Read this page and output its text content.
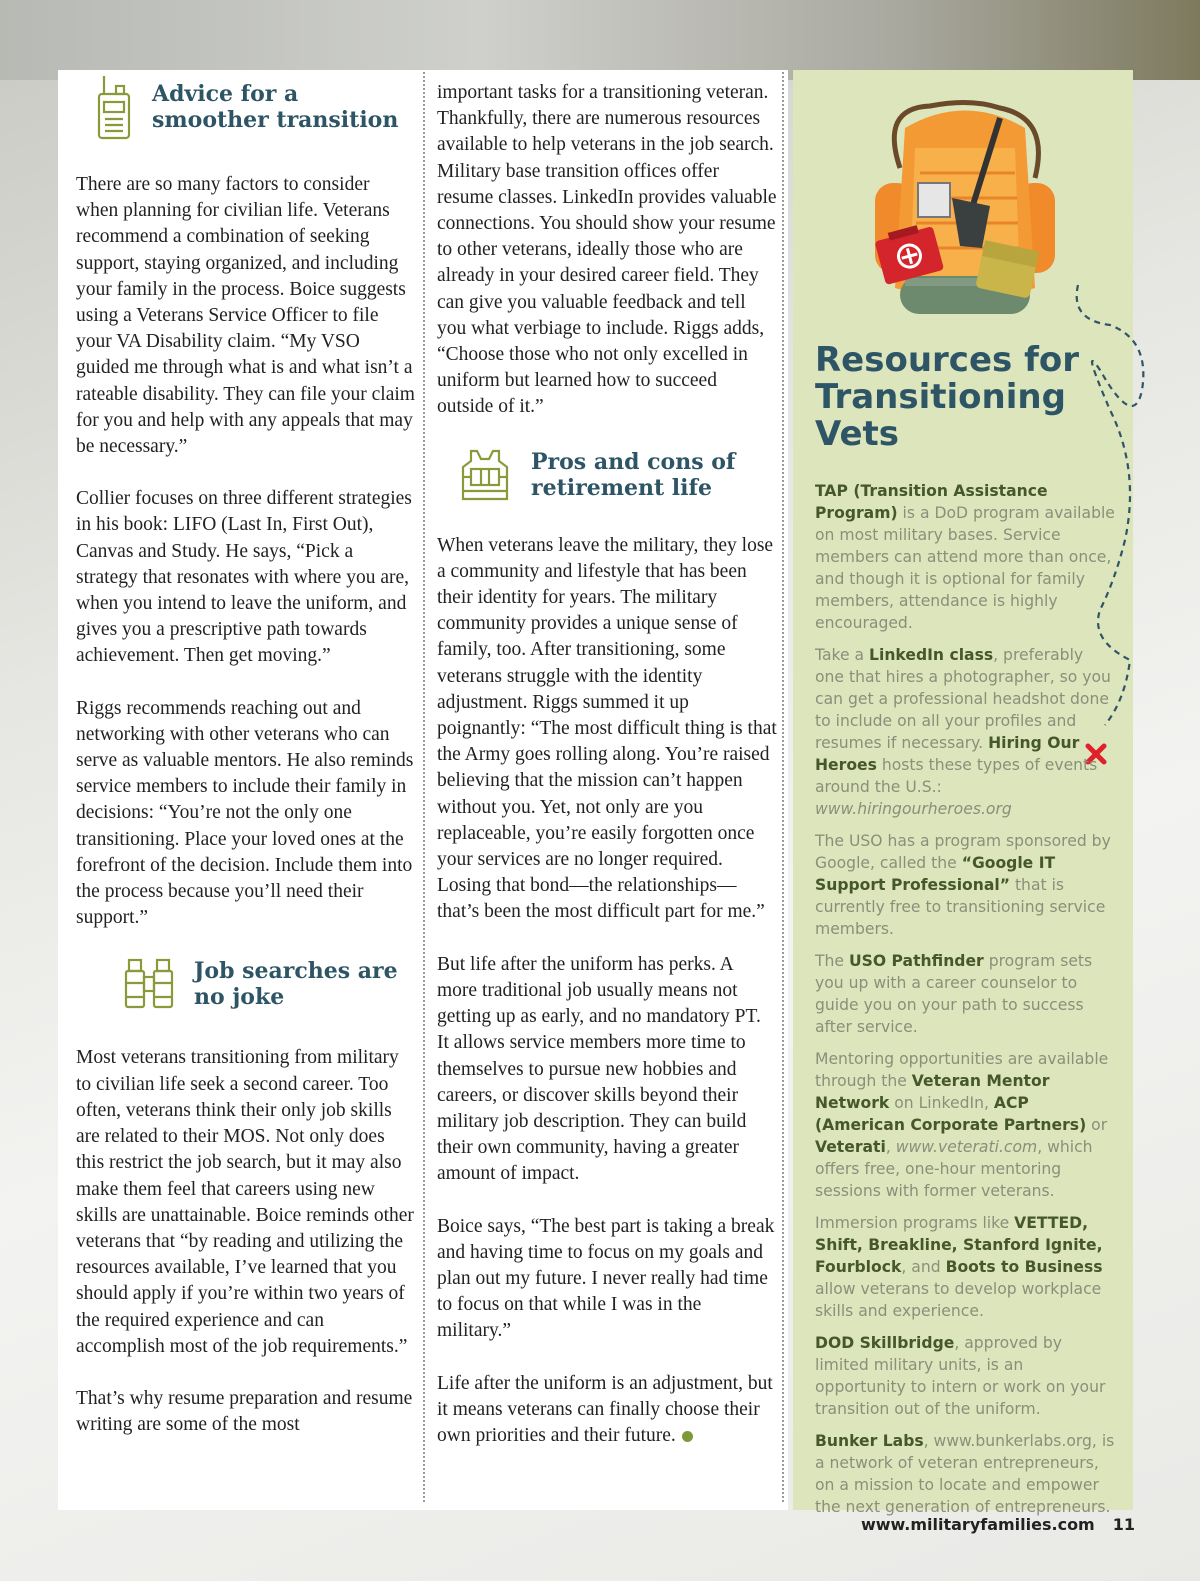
Advice for a smoother transition

There are so many factors to consider when planning for civilian life. Veterans recommend a combination of seeking support, staying organized, and including your family in the process. Boice suggests using a Veterans Service Officer to file your VA Disability claim. “My VSO guided me through what is and what isn’t a rateable disability. They can file your claim for you and help with any appeals that may be necessary.”

Collier focuses on three different strategies in his book: LIFO (Last In, First Out), Canvas and Study. He says, “Pick a strategy that resonates with where you are, when you intend to leave the uniform, and gives you a prescriptive path towards achievement. Then get moving.”

Riggs recommends reaching out and networking with other veterans who can serve as valuable mentors. He also reminds service members to include their family in decisions: “You’re not the only one transitioning. Place your loved ones at the forefront of the decision. Include them into the process because you’ll need their support.”

Job searches are no joke

Most veterans transitioning from military to civilian life seek a second career. Too often, veterans think their only job skills are related to their MOS. Not only does this restrict the job search, but it may also make them feel that careers using new skills are unattainable. Boice reminds other veterans that “by reading and utilizing the resources available, I’ve learned that you should apply if you’re within two years of the required experience and can accomplish most of the job requirements.”

That’s why resume preparation and resume writing are some of the most

important tasks for a transitioning veteran. Thankfully, there are numerous resources available to help veterans in the job search. Military base transition offices offer resume classes. LinkedIn provides valuable connections. You should show your resume to other veterans, ideally those who are already in your desired career field. They can give you valuable feedback and tell you what verbiage to include. Riggs adds, “Choose those who not only excelled in uniform but learned how to succeed outside of it.”

Pros and cons of retirement life

When veterans leave the military, they lose a community and lifestyle that has been their identity for years. The military community provides a unique sense of family, too. After transitioning, some veterans struggle with the identity adjustment. Riggs summed it up poignantly: “The most difficult thing is that the Army goes rolling along. You’re raised believing that the mission can’t happen without you. Yet, not only are you replaceable, you’re easily forgotten once your services are no longer required. Losing that bond—the relationships—that’s been the most difficult part for me.”

But life after the uniform has perks. A more traditional job usually means not getting up as early, and no mandatory PT. It allows service members more time to themselves to pursue new hobbies and careers, or discover skills beyond their military job description. They can build their own community, having a greater amount of impact.

Boice says, “The best part is taking a break and having time to focus on my goals and plan out my future. I never really had time to focus on that while I was in the military.”

Life after the uniform is an adjustment, but it means veterans can finally choose their own priorities and their future.

Resources for Transitioning Vets

TAP (Transition Assistance Program) is a DoD program available on most military bases. Service members can attend more than once, and though it is optional for family members, attendance is highly encouraged.

Take a LinkedIn class, preferably one that hires a photographer, so you can get a professional headshot done to include on all your profiles and resumes if necessary. Hiring Our Heroes hosts these types of events around the U.S.: www.hiringourheroes.org

The USO has a program sponsored by Google, called the “Google IT Support Professional” that is currently free to transitioning service members.

The USO Pathfinder program sets you up with a career counselor to guide you on your path to success after service.

Mentoring opportunities are available through the Veteran Mentor Network on LinkedIn, ACP (American Corporate Partners) or Veterati, www.veterati.com, which offers free, one-hour mentoring sessions with former veterans.

Immersion programs like VETTED, Shift, Breakline, Stanford Ignite, Fourblock, and Boots to Business allow veterans to develop workplace skills and experience.

DOD Skillbridge, approved by limited military units, is an opportunity to intern or work on your transition out of the uniform.

Bunker Labs, www.bunkerlabs.org, is a network of veteran entrepreneurs, on a mission to locate and empower the next generation of entrepreneurs.

www.militaryfamilies.com 11
